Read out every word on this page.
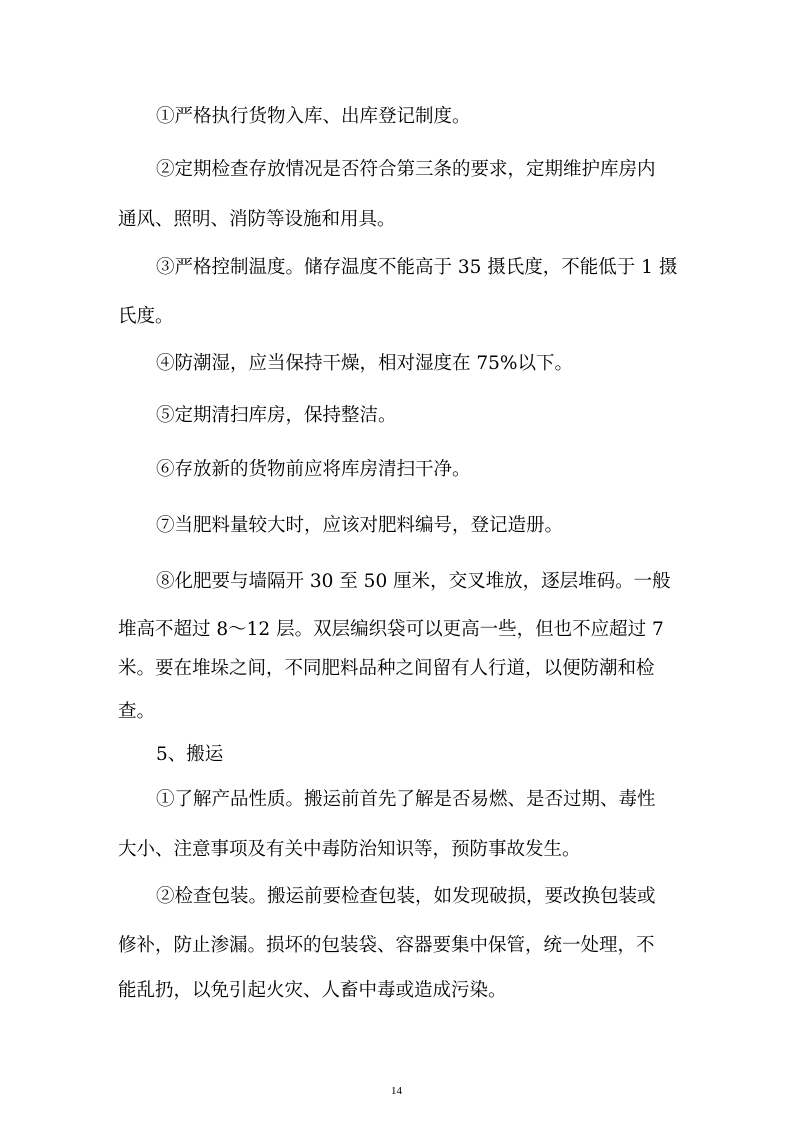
①严格执行货物入库、出库登记制度。

②定期检查存放情况是否符合第三条的要求，定期维护库房内

通风、照明、消防等设施和用具。

③严格控制温度。储存温度不能高于 35 摄氏度，不能低于 1 摄

氏度。

④防潮湿，应当保持干燥，相对湿度在 75%以下。

⑤定期清扫库房，保持整洁。

⑥存放新的货物前应将库房清扫干净。

⑦当肥料量较大时，应该对肥料编号，登记造册。

⑧化肥要与墙隔开 30 至 50 厘米，交叉堆放，逐层堆码。一般

堆高不超过 8～12 层。双层编织袋可以更高一些，但也不应超过 7

米。要在堆垛之间，不同肥料品种之间留有人行道，以便防潮和检

查。

5、搬运

①了解产品性质。搬运前首先了解是否易燃、是否过期、毒性

大小、注意事项及有关中毒防治知识等，预防事故发生。

②检查包装。搬运前要检查包装，如发现破损，要改换包装或

修补，防止渗漏。损坏的包装袋、容器要集中保管，统一处理，不

能乱扔，以免引起火灾、人畜中毒或造成污染。

14
